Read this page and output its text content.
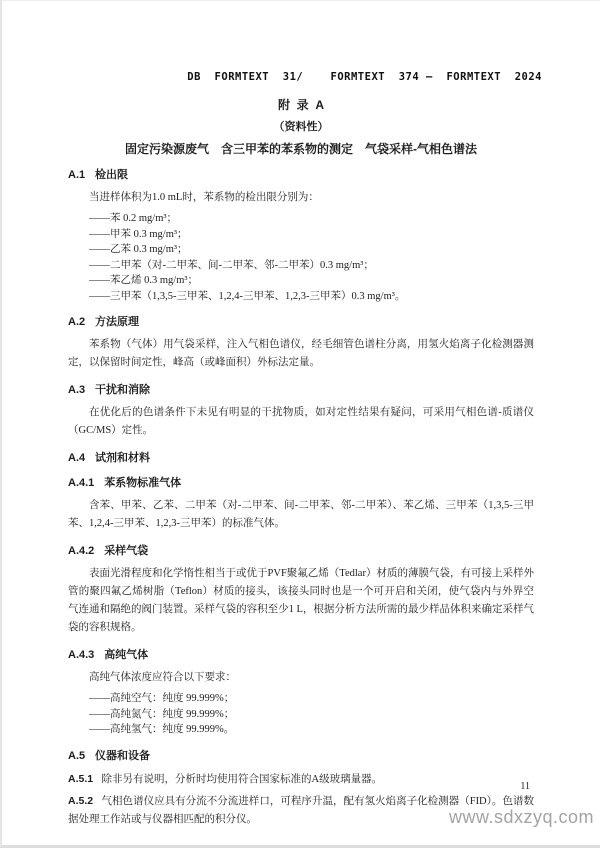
DB  FORMTEXT  31/    FORMTEXT  374 —  FORMTEXT  2024
附  录  A
（资料性）
固定污染源废气　含三甲苯的苯系物的测定　气袋采样-气相色谱法
A.1 检出限
当进样体积为1.0 mL时，苯系物的检出限分别为：
——苯 0.2 mg/m³；
——甲苯 0.3 mg/m³；
——乙苯 0.3 mg/m³；
——二甲苯（对-二甲苯、间-二甲苯、邻-二甲苯）0.3 mg/m³；
——苯乙烯 0.3 mg/m³；
——三甲苯（1,3,5-三甲苯、1,2,4-三甲苯、1,2,3-三甲苯）0.3 mg/m³。
A.2 方法原理
苯系物（气体）用气袋采样，注入气相色谱仪，经毛细管色谱柱分离，用氢火焰离子化检测器测定，以保留时间定性，峰高（或峰面积）外标法定量。
A.3 干扰和消除
在优化后的色谱条件下未见有明显的干扰物质，如对定性结果有疑问，可采用气相色谱-质谱仪（GC/MS）定性。
A.4 试剂和材料
A.4.1 苯系物标准气体
含苯、甲苯、乙苯、二甲苯（对-二甲苯、间-二甲苯、邻-二甲苯）、苯乙烯、三甲苯（1,3,5-三甲苯、1,2,4-三甲苯、1,2,3-三甲苯）的标准气体。
A.4.2 采样气袋
表面光滑程度和化学惰性相当于或优于PVF聚氟乙烯（Tedlar）材质的薄膜气袋，有可接上采样外管的聚四氟乙烯树脂（Teflon）材质的接头，该接头同时也是一个可开启和关闭，使气袋内与外界空气连通和隔绝的阀门装置。采样气袋的容积至少1 L，根据分析方法所需的最少样品体积来确定采样气袋的容积规格。
A.4.3 高纯气体
高纯气体浓度应符合以下要求：
——高纯空气：纯度 99.999%；
——高纯氮气：纯度 99.999%；
——高纯氢气：纯度 99.999%。
A.5 仪器和设备
A.5.1 除非另有说明，分析时均使用符合国家标准的A级玻璃量器。
A.5.2 气相色谱仪应具有分流不分流进样口，可程序升温，配有氢火焰离子化检测器（FID）。色谱数据处理工作站或与仪器相匹配的积分仪。
11
www.sdxzyq.com
